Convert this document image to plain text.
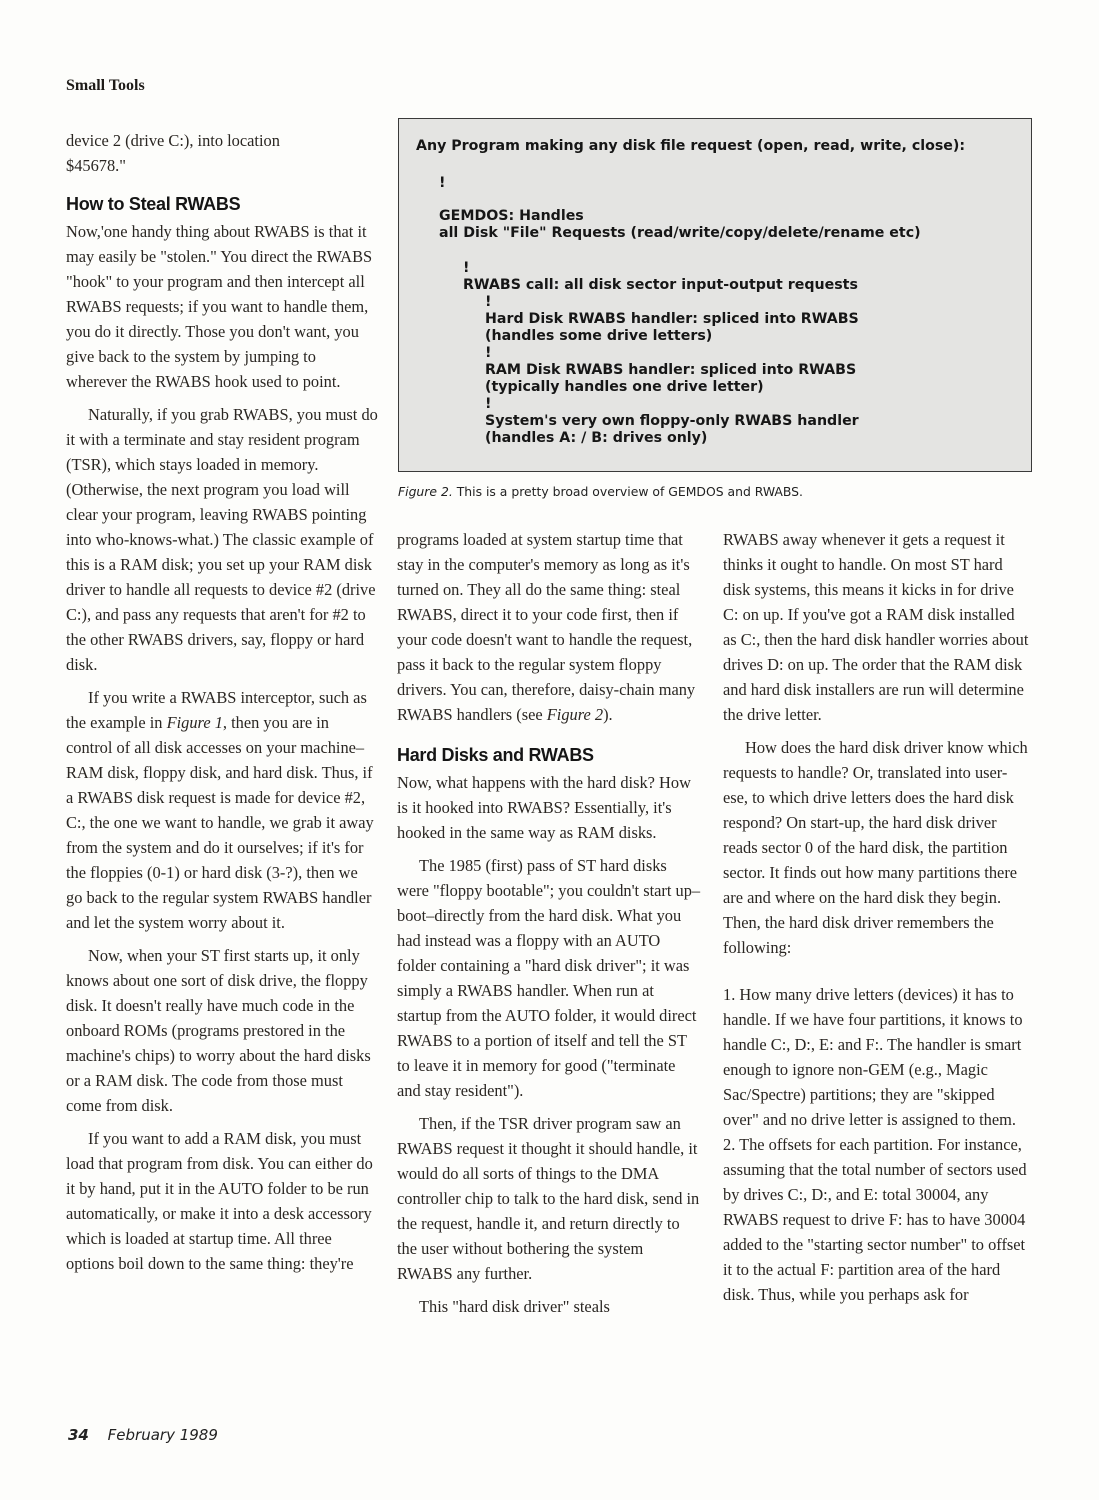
Small Tools

device 2 (drive C:), into location $45678."

How to Steal RWABS

Now,'one handy thing about RWABS is that it may easily be "stolen." You direct the RWABS "hook" to your program and then intercept all RWABS requests; if you want to handle them, you do it directly. Those you don't want, you give back to the system by jumping to wherever the RWABS hook used to point.

Naturally, if you grab RWABS, you must do it with a terminate and stay resident program (TSR), which stays loaded in memory. (Otherwise, the next program you load will clear your program, leaving RWABS pointing into who-knows-what.) The classic example of this is a RAM disk; you set up your RAM disk driver to handle all requests to device #2 (drive C:), and pass any requests that aren't for #2 to the other RWABS drivers, say, floppy or hard disk.

If you write a RWABS interceptor, such as the example in Figure 1, then you are in control of all disk accesses on your machine–RAM disk, floppy disk, and hard disk. Thus, if a RWABS disk request is made for device #2, C:, the one we want to handle, we grab it away from the system and do it ourselves; if it's for the floppies (0-1) or hard disk (3-?), then we go back to the regular system RWABS handler and let the system worry about it.

Now, when your ST first starts up, it only knows about one sort of disk drive, the floppy disk. It doesn't really have much code in the onboard ROMs (programs prestored in the machine's chips) to worry about the hard disks or a RAM disk. The code from those must come from disk.

If you want to add a RAM disk, you must load that program from disk. You can either do it by hand, put it in the AUTO folder to be run automatically, or make it into a desk accessory which is loaded at startup time. All three options boil down to the same thing: they're

Any Program making any disk file request (open, read, write, close):
!
GEMDOS: Handles
all Disk "File" Requests (read/write/copy/delete/rename etc)
!
RWABS call: all disk sector input-output requests
!
Hard Disk RWABS handler: spliced into RWABS
(handles some drive letters)
!
RAM Disk RWABS handler: spliced into RWABS
(typically handles one drive letter)
!
System's very own floppy-only RWABS handler
(handles A: / B: drives only)
Figure 2. This is a pretty broad overview of GEMDOS and RWABS.

programs loaded at system startup time that stay in the computer's memory as long as it's turned on. They all do the same thing: steal RWABS, direct it to your code first, then if your code doesn't want to handle the request, pass it back to the regular system floppy drivers. You can, therefore, daisy-chain many RWABS handlers (see Figure 2).

Hard Disks and RWABS

Now, what happens with the hard disk? How is it hooked into RWABS? Essentially, it's hooked in the same way as RAM disks.

The 1985 (first) pass of ST hard disks were "floppy bootable"; you couldn't start up–boot–directly from the hard disk. What you had instead was a floppy with an AUTO folder containing a "hard disk driver"; it was simply a RWABS handler. When run at startup from the AUTO folder, it would direct RWABS to a portion of itself and tell the ST to leave it in memory for good ("terminate and stay resident").

Then, if the TSR driver program saw an RWABS request it thought it should handle, it would do all sorts of things to the DMA controller chip to talk to the hard disk, send in the request, handle it, and return directly to the user without bothering the system RWABS any further.

This "hard disk driver" steals

RWABS away whenever it gets a request it thinks it ought to handle. On most ST hard disk systems, this means it kicks in for drive C: on up. If you've got a RAM disk installed as C:, then the hard disk handler worries about drives D: on up. The order that the RAM disk and hard disk installers are run will determine the drive letter.

How does the hard disk driver know which requests to handle? Or, translated into user-ese, to which drive letters does the hard disk respond? On start-up, the hard disk driver reads sector 0 of the hard disk, the partition sector. It finds out how many partitions there are and where on the hard disk they begin. Then, the hard disk driver remembers the following:

1. How many drive letters (devices) it has to handle. If we have four partitions, it knows to handle C:, D:, E: and F:. The handler is smart enough to ignore non-GEM (e.g., Magic Sac/Spectre) partitions; they are "skipped over" and no drive letter is assigned to them.

2. The offsets for each partition. For instance, assuming that the total number of sectors used by drives C:, D:, and E: total 30004, any RWABS request to drive F: has to have 30004 added to the "starting sector number" to offset it to the actual F: partition area of the hard disk. Thus, while you perhaps ask for

34 February 1989
